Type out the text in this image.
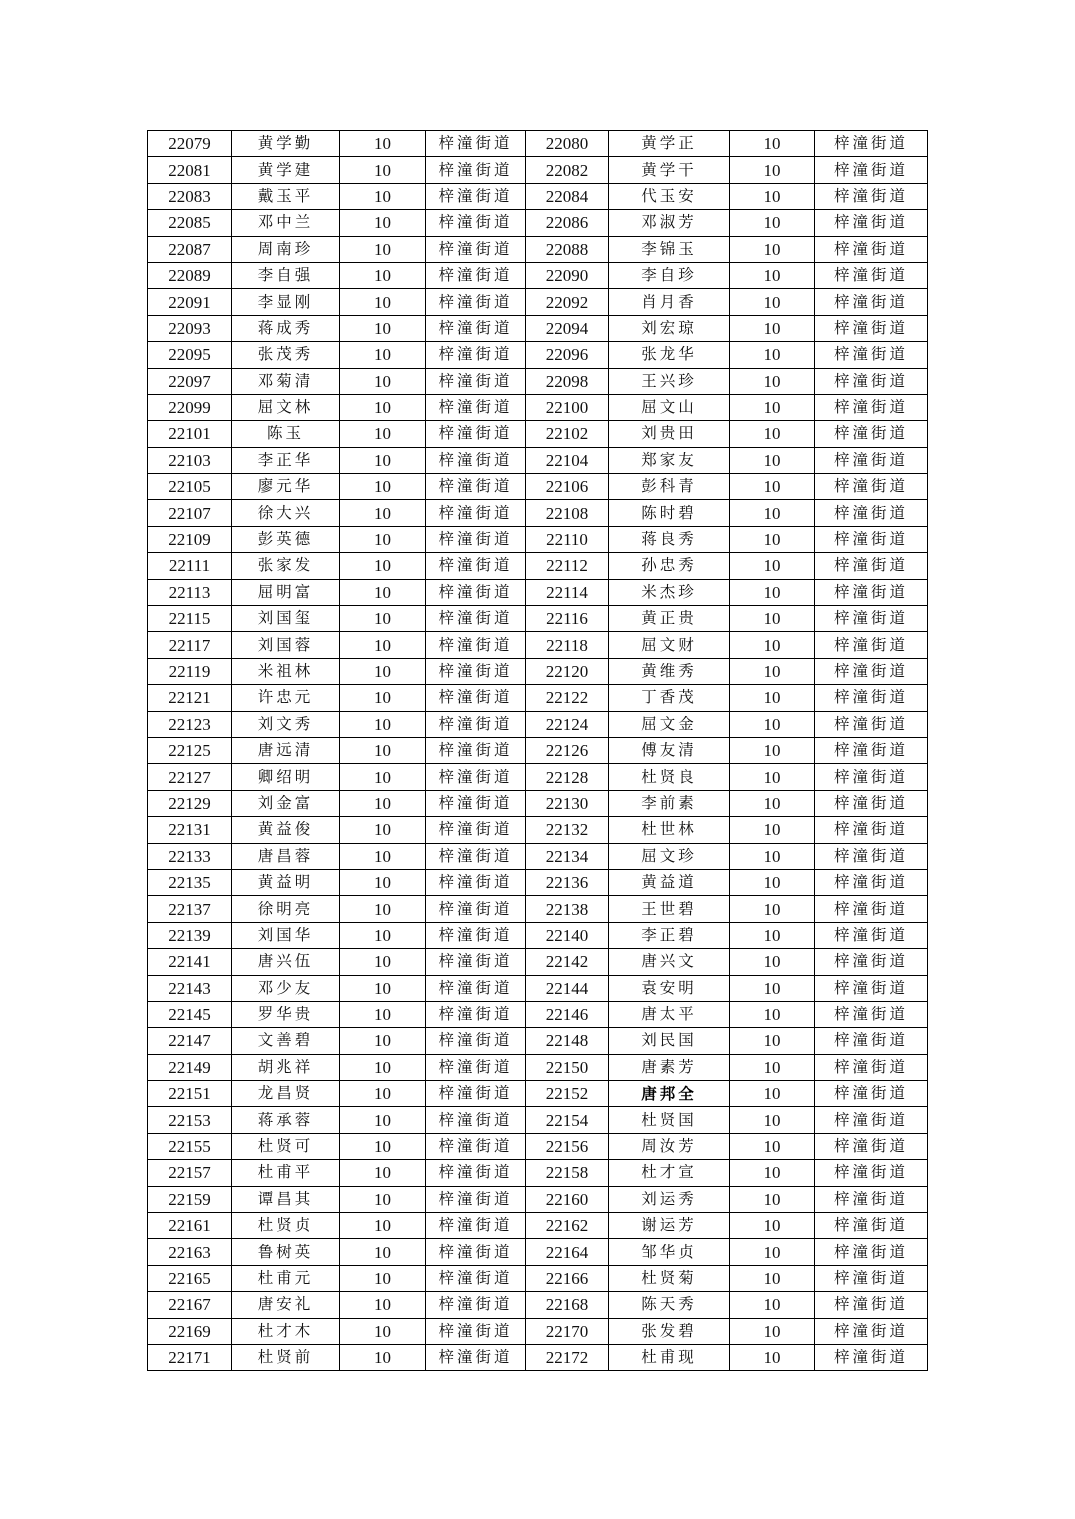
22079	黄学勤	10	梓潼街道	22080	黄学正	10	梓潼街道
22081	黄学建	10	梓潼街道	22082	黄学干	10	梓潼街道
22083	戴玉平	10	梓潼街道	22084	代玉安	10	梓潼街道
22085	邓中兰	10	梓潼街道	22086	邓淑芳	10	梓潼街道
22087	周南珍	10	梓潼街道	22088	李锦玉	10	梓潼街道
22089	李自强	10	梓潼街道	22090	李自珍	10	梓潼街道
22091	李显刚	10	梓潼街道	22092	肖月香	10	梓潼街道
22093	蒋成秀	10	梓潼街道	22094	刘宏琼	10	梓潼街道
22095	张茂秀	10	梓潼街道	22096	张龙华	10	梓潼街道
22097	邓菊清	10	梓潼街道	22098	王兴珍	10	梓潼街道
22099	屈文林	10	梓潼街道	22100	屈文山	10	梓潼街道
22101	陈玉	10	梓潼街道	22102	刘贵田	10	梓潼街道
22103	李正华	10	梓潼街道	22104	郑家友	10	梓潼街道
22105	廖元华	10	梓潼街道	22106	彭科青	10	梓潼街道
22107	徐大兴	10	梓潼街道	22108	陈时碧	10	梓潼街道
22109	彭英德	10	梓潼街道	22110	蒋良秀	10	梓潼街道
22111	张家发	10	梓潼街道	22112	孙忠秀	10	梓潼街道
22113	屈明富	10	梓潼街道	22114	米杰珍	10	梓潼街道
22115	刘国玺	10	梓潼街道	22116	黄正贵	10	梓潼街道
22117	刘国蓉	10	梓潼街道	22118	屈文财	10	梓潼街道
22119	米祖林	10	梓潼街道	22120	黄维秀	10	梓潼街道
22121	许忠元	10	梓潼街道	22122	丁香茂	10	梓潼街道
22123	刘文秀	10	梓潼街道	22124	屈文金	10	梓潼街道
22125	唐远清	10	梓潼街道	22126	傅友清	10	梓潼街道
22127	卿绍明	10	梓潼街道	22128	杜贤良	10	梓潼街道
22129	刘金富	10	梓潼街道	22130	李前素	10	梓潼街道
22131	黄益俊	10	梓潼街道	22132	杜世林	10	梓潼街道
22133	唐昌蓉	10	梓潼街道	22134	屈文珍	10	梓潼街道
22135	黄益明	10	梓潼街道	22136	黄益道	10	梓潼街道
22137	徐明亮	10	梓潼街道	22138	王世碧	10	梓潼街道
22139	刘国华	10	梓潼街道	22140	李正碧	10	梓潼街道
22141	唐兴伍	10	梓潼街道	22142	唐兴文	10	梓潼街道
22143	邓少友	10	梓潼街道	22144	袁安明	10	梓潼街道
22145	罗华贵	10	梓潼街道	22146	唐太平	10	梓潼街道
22147	文善碧	10	梓潼街道	22148	刘民国	10	梓潼街道
22149	胡兆祥	10	梓潼街道	22150	唐素芳	10	梓潼街道
22151	龙昌贤	10	梓潼街道	22152	唐邦全	10	梓潼街道
22153	蒋承蓉	10	梓潼街道	22154	杜贤国	10	梓潼街道
22155	杜贤可	10	梓潼街道	22156	周汝芳	10	梓潼街道
22157	杜甫平	10	梓潼街道	22158	杜才宣	10	梓潼街道
22159	谭昌其	10	梓潼街道	22160	刘运秀	10	梓潼街道
22161	杜贤贞	10	梓潼街道	22162	谢运芳	10	梓潼街道
22163	鲁树英	10	梓潼街道	22164	邹华贞	10	梓潼街道
22165	杜甫元	10	梓潼街道	22166	杜贤菊	10	梓潼街道
22167	唐安礼	10	梓潼街道	22168	陈天秀	10	梓潼街道
22169	杜才木	10	梓潼街道	22170	张发碧	10	梓潼街道
22171	杜贤前	10	梓潼街道	22172	杜甫现	10	梓潼街道
